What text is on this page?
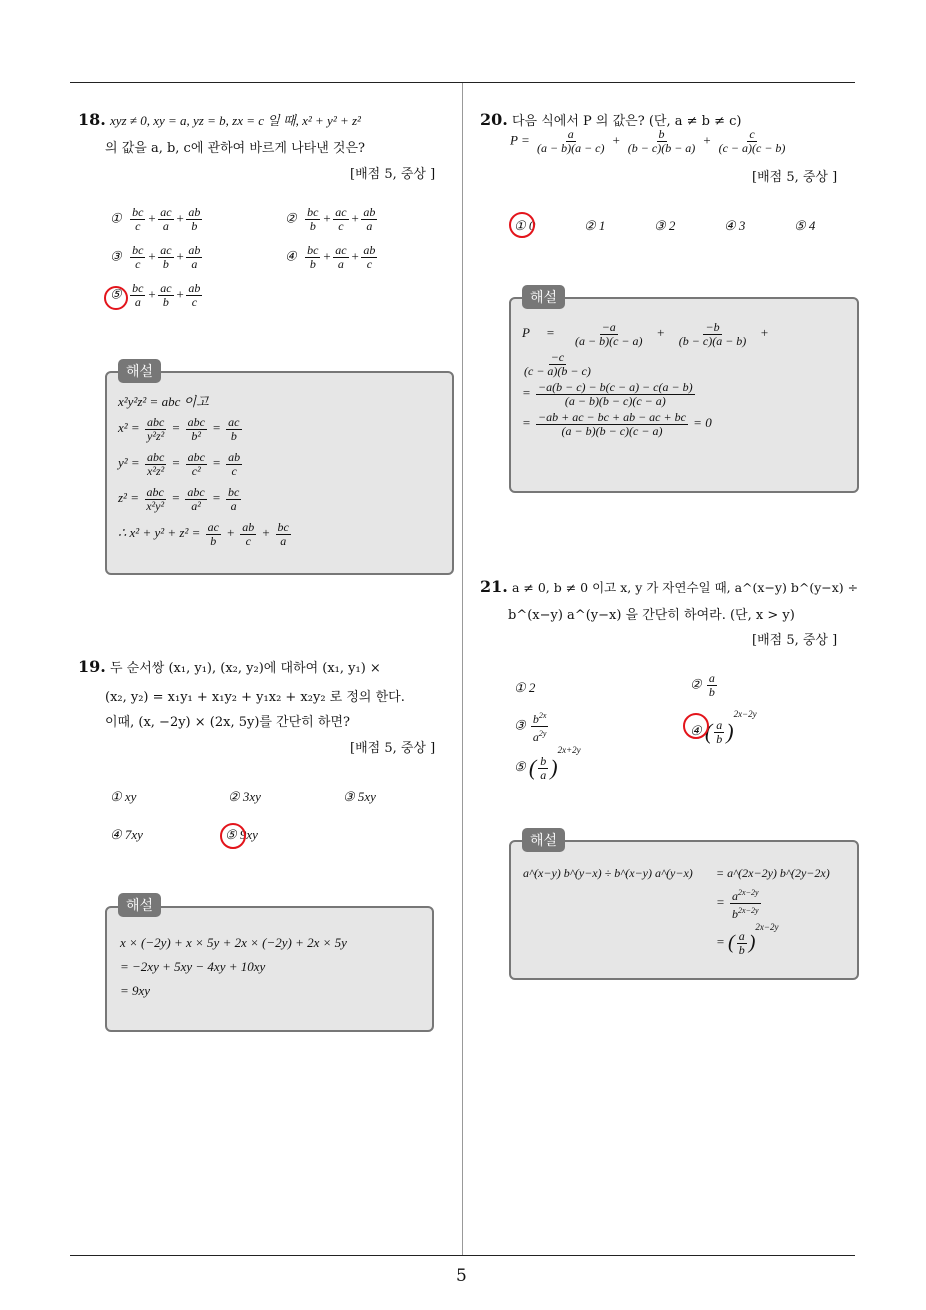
5
18. xyz ≠ 0, xy = a, yz = b, zx = c 일 때, x² + y² + z²
의 값을 a, b, c에 관하여 바르게 나타낸 것은?
[배점 5, 중상 ]
① $\frac{bc}{c} + \frac{ac}{a} + \frac{ab}{b}$	② $\frac{bc}{b} + \frac{ac}{c} + \frac{ab}{a}$
③ $\frac{bc}{c} + \frac{ac}{b} + \frac{ab}{a}$	④ $\frac{bc}{b} + \frac{ac}{a} + \frac{ab}{c}$
⑤ $\frac{bc}{a} + \frac{ac}{b} + \frac{ab}{c}$
해설
x²y²z² = abc 이고
$x^2 = \frac{\text{abc}}{\text{y²z²}} = \frac{\text{abc}}{\text{b²}} = \frac{ac}{b}$
$y^2 = \frac{\text{abc}}{\text{x²z²}} = \frac{\text{abc}}{\text{c²}} = \frac{ab}{c}$
$z^2 = \frac{\text{abc}}{\text{x²y²}} = \frac{\text{abc}}{\text{a²}} = \frac{bc}{a}$
∴ $x^2 + y^2 + z^2 = \frac{ac}{b} + \frac{ab}{c} + \frac{bc}{a}$
19. 두 순서쌍 (x₁, y₁), (x₂, y₂)에 대하여 (x₁, y₁) ×
(x₂, y₂) = x₁y₁ + x₁y₂ + y₁x₂ + x₂y₂ 로 정의 한다.
이때, (x, −2y) × (2x, 5y)를 간단히 하면?
[배점 5, 중상 ]
① xy	② 3xy	③ 5xy
④ 7xy	⑤ 9xy
해설
x × (−2y) + x × 5y + 2x × (−2y) + 2x × 5y
= −2xy + 5xy − 4xy + 10xy
= 9xy
20. 다음 식에서 P 의 값은? (단, a ≠ b ≠ c)
$P = \frac{a}{(a - b)(a - c)} + \frac{b}{(b - c)(b - a)} + \frac{c}{(c - a)(c - b)}$
[배점 5, 중상 ]
① 0	② 1	③ 2	④ 3	⑤ 4
해설
P     = $\frac{-a}{(a - b)(c - a)} + \frac{-b}{(b - c)(a - b)}$ +
$\frac{-c}{(c - a)(b - c)}$
= $\frac{-a(b - c) - b(c - a) - c(a - b)}{(a - b)(b - c)(c - a)}$
= $\frac{-ab + ac - bc + ab - ac + bc}{(a - b)(b - c)(c - a)} = 0$
21. a ≠ 0, b ≠ 0 이고 x, y 가 자연수일 때, a^(x−y) b^(y−x) ÷
b^(x−y) a^(y−x) 을 간단히 하여라. (단, x > y)
[배점 5, 중상 ]
① 2	② $\frac{a}{b}$
③ $\frac{b^{2x}}{a^{2y}}$	④ ( $\frac{a}{b} )^{2x-2y}$
⑤ ( $\frac{b}{a} )^{2x+2y}$
해설
a^(x−y) b^(y−x) ÷ b^(x−y) a^(y−x) = a^(2x−2y) b^(2y−2x)
= $\frac{a^{2x-2y}}{b^{2x-2y}}$
= ( $\frac{a}{b} )^{2x-2y}$
